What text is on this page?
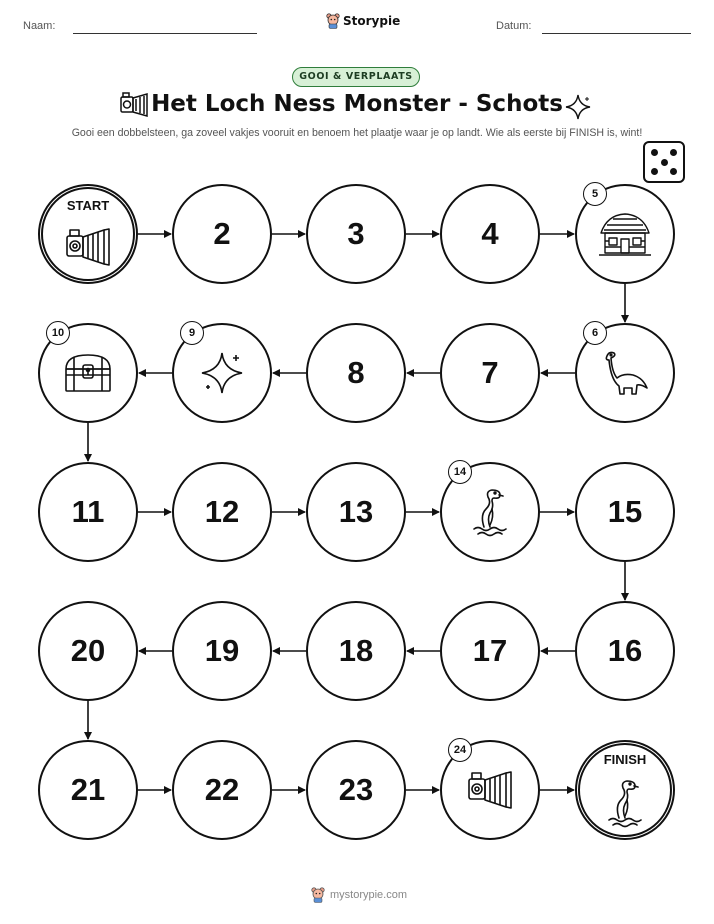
Naam:	Storypie	Datum:
GOOI & VERPLAATS
Het Loch Ness Monster - Schots
Gooi een dobbelsteen, ga zoveel vakjes vooruit en benoem het plaatje waar je op landt. Wie als eerste bij FINISH is, wint!
START
2	3	4
5
6
7
8
9
10
11	12	13
14
15
16
17
18
19
20
21	22	23
24
FINISH
mystorypie.com
